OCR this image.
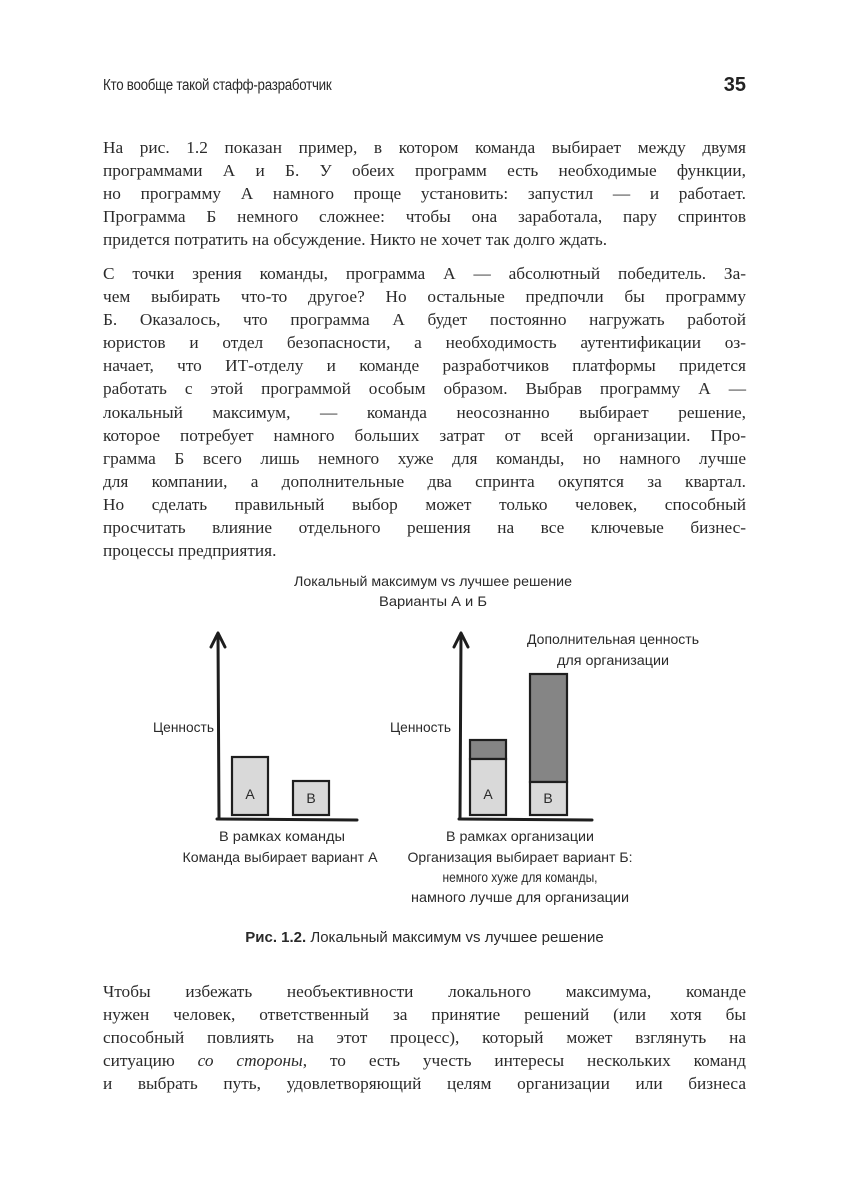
Кто вообще такой стафф-разработчик	35
На рис. 1.2 показан пример, в котором команда выбирает между двумя
программами А и Б. У обеих программ есть необходимые функции,
но программу А намного проще установить: запустил — и работает.
Программа Б немного сложнее: чтобы она заработала, пару спринтов
придется потратить на обсуждение. Никто не хочет так долго ждать.
С точки зрения команды, программа А — абсолютный победитель. За-
чем выбирать что-то другое? Но остальные предпочли бы программу
Б. Оказалось, что программа А будет постоянно нагружать работой
юристов и отдел безопасности, а необходимость аутентификации оз-
начает, что ИТ-отделу и команде разработчиков платформы придется
работать с этой программой особым образом. Выбрав программу А —
локальный максимум, — команда неосознанно выбирает решение,
которое потребует намного больших затрат от всей организации. Про-
грамма Б всего лишь немного хуже для команды, но намного лучше
для компании, а дополнительные два спринта окупятся за квартал.
Но сделать правильный выбор может только человек, способный
просчитать влияние отдельного решения на все ключевые бизнес-
процессы предприятия.
Локальный максимум vs лучшее решение
Варианты А и Б
Ценность
A	B
В рамках команды
Команда выбирает вариант А
Ценность
A	B
Дополнительная ценность
для организации
В рамках организации
Организация выбирает вариант Б:
немного хуже для команды,
намного лучше для организации
Рис. 1.2. Локальный максимум vs лучшее решение
Чтобы избежать необъективности локального максимума, команде
нужен человек, ответственный за принятие решений (или хотя бы
способный повлиять на этот процесс), который может взглянуть на
ситуацию со стороны, то есть учесть интересы нескольких команд
и выбрать путь, удовлетворяющий целям организации или бизнеса
